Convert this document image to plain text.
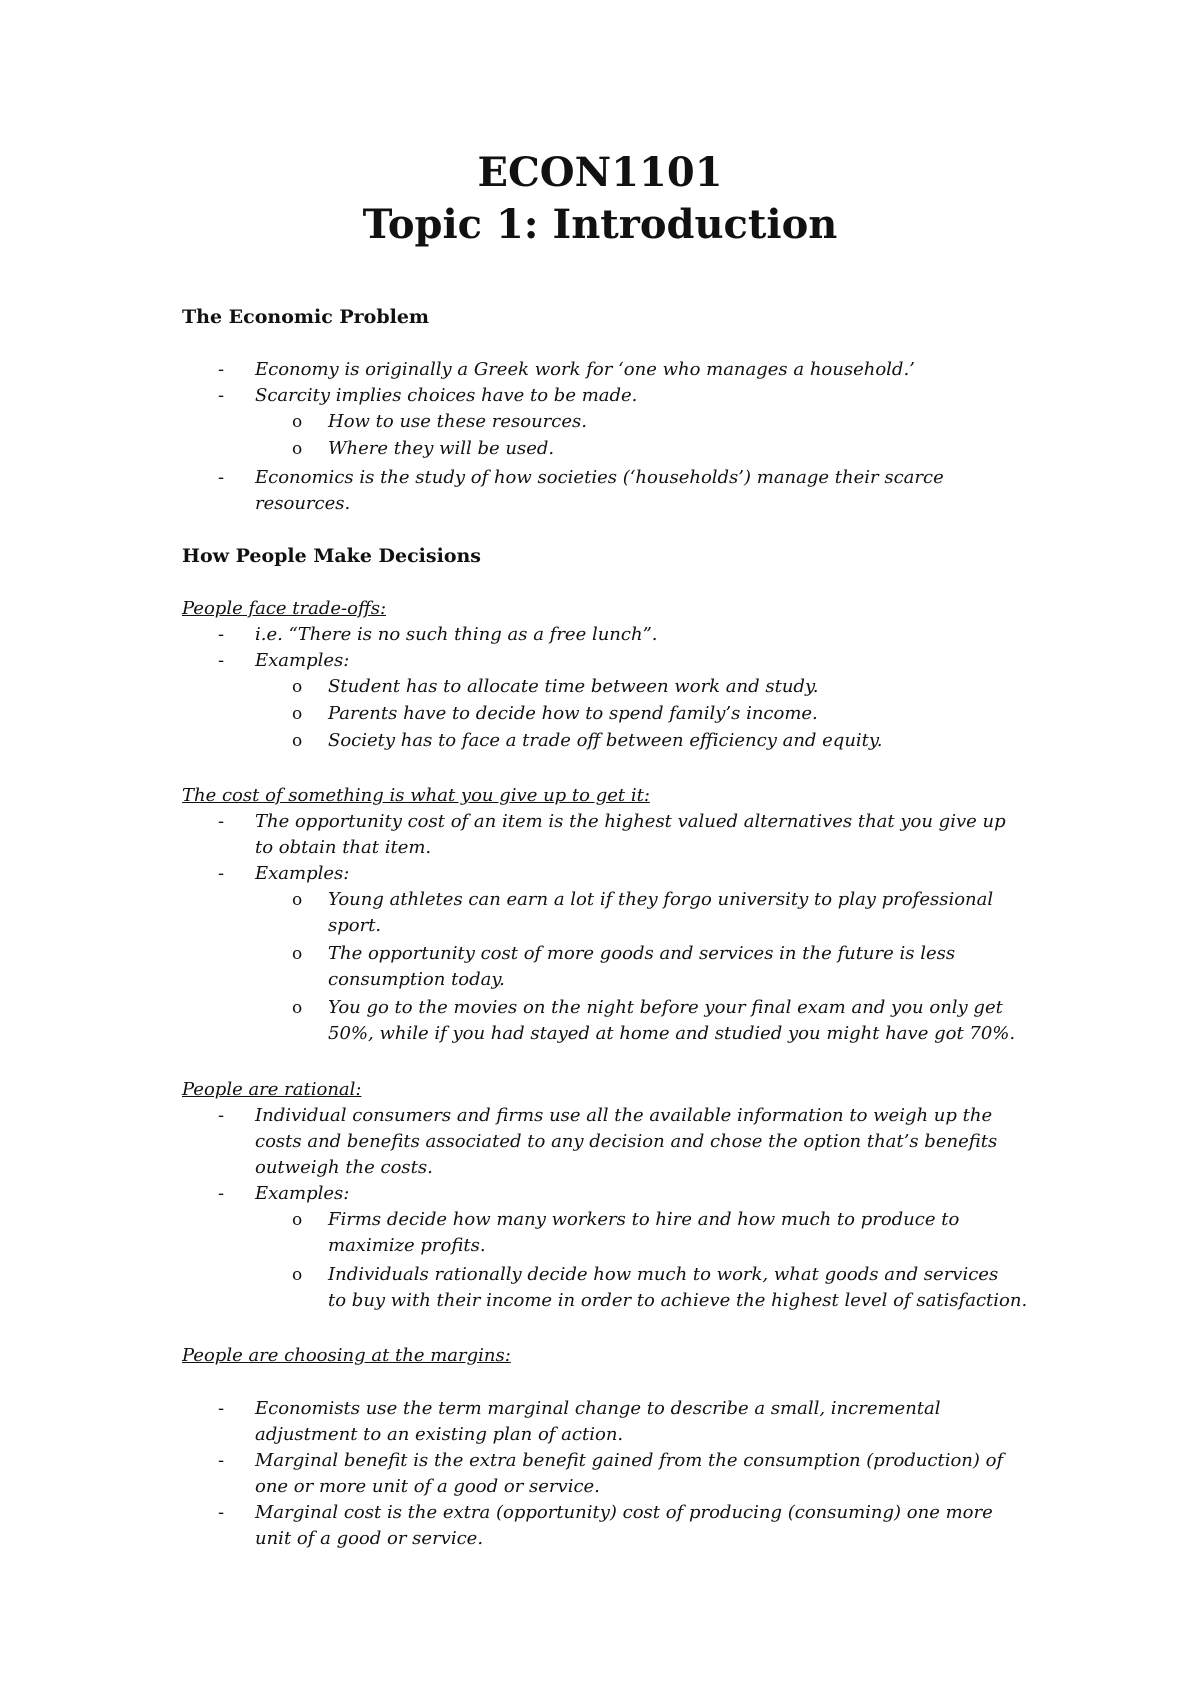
ECON1101
Topic 1: Introduction

The Economic Problem

- Economy is originally a Greek work for ‘one who manages a household.’

- Scarcity implies choices have to be made.

o How to use these resources.

o Where they will be used.

- Economics is the study of how societies (‘households’) manage their scarce

resources.

How People Make Decisions

People face trade-offs:

- i.e. “There is no such thing as a free lunch”.

- Examples:

o Student has to allocate time between work and study.

o Parents have to decide how to spend family’s income.

o Society has to face a trade off between efficiency and equity.

The cost of something is what you give up to get it:

- The opportunity cost of an item is the highest valued alternatives that you give up

to obtain that item.

- Examples:

o Young athletes can earn a lot if they forgo university to play professional

sport.

o The opportunity cost of more goods and services in the future is less

consumption today.

o You go to the movies on the night before your final exam and you only get

50%, while if you had stayed at home and studied you might have got 70%.

People are rational:

- Individual consumers and firms use all the available information to weigh up the

costs and benefits associated to any decision and chose the option that’s benefits

outweigh the costs.

- Examples:

o Firms decide how many workers to hire and how much to produce to

maximize profits.

o Individuals rationally decide how much to work, what goods and services

to buy with their income in order to achieve the highest level of satisfaction.

People are choosing at the margins:

- Economists use the term marginal change to describe a small, incremental

adjustment to an existing plan of action.

- Marginal benefit is the extra benefit gained from the consumption (production) of

one or more unit of a good or service.

- Marginal cost is the extra (opportunity) cost of producing (consuming) one more

unit of a good or service.
